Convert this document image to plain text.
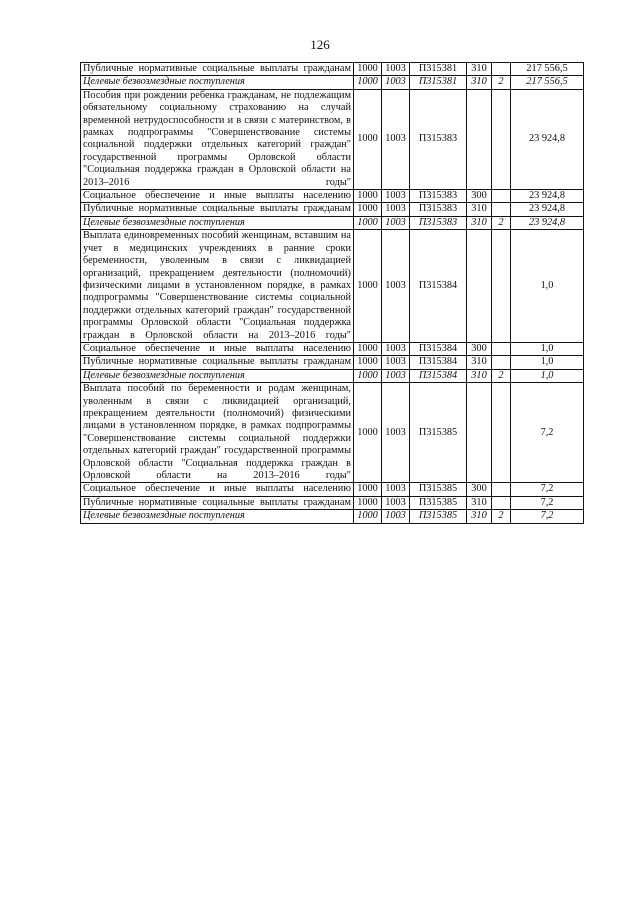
126
Публичные нормативные социальные выплаты гражданам	1000	1003	П315381	310		217 556,5
Целевые безвозмездные поступления	1000	1003	П315381	310	2	217 556,5
Пособия при рождении ребенка гражданам, не подлежащим обязательному социальному страхованию на случай временной нетрудоспособности и в связи с материнством, в рамках подпрограммы "Совершенствование системы социальной поддержки отдельных категорий граждан" государственной программы Орловской области "Социальная поддержка граждан в Орловской области на 2013–2016 годы"	1000	1003	П315383			23 924,8
Социальное обеспечение и иные выплаты населению	1000	1003	П315383	300		23 924,8
Публичные нормативные социальные выплаты гражданам	1000	1003	П315383	310		23 924,8
Целевые безвозмездные поступления	1000	1003	П315383	310	2	23 924,8
Выплата единовременных пособий женщинам, вставшим на учет в медицинских учреждениях в ранние сроки беременности, уволенным в связи с ликвидацией организаций, прекращением деятельности (полномочий) физическими лицами в установленном порядке, в рамках подпрограммы "Совершенствование системы социальной поддержки отдельных категорий граждан" государственной программы Орловской области "Социальная поддержка граждан в Орловской области на 2013–2016 годы"	1000	1003	П315384			1,0
Социальное обеспечение и иные выплаты населению	1000	1003	П315384	300		1,0
Публичные нормативные социальные выплаты гражданам	1000	1003	П315384	310		1,0
Целевые безвозмездные поступления	1000	1003	П315384	310	2	1,0
Выплата пособий по беременности и родам женщинам, уволенным в связи с ликвидацией организаций, прекращением деятельности (полномочий) физическими лицами в установленном порядке, в рамках подпрограммы "Совершенствование системы социальной поддержки отдельных категорий граждан" государственной программы Орловской области "Социальная поддержка граждан в Орловской области на 2013–2016 годы"	1000	1003	П315385			7,2
Социальное обеспечение и иные выплаты населению	1000	1003	П315385	300		7,2
Публичные нормативные социальные выплаты гражданам	1000	1003	П315385	310		7,2
Целевые безвозмездные поступления	1000	1003	П315385	310	2	7,2
